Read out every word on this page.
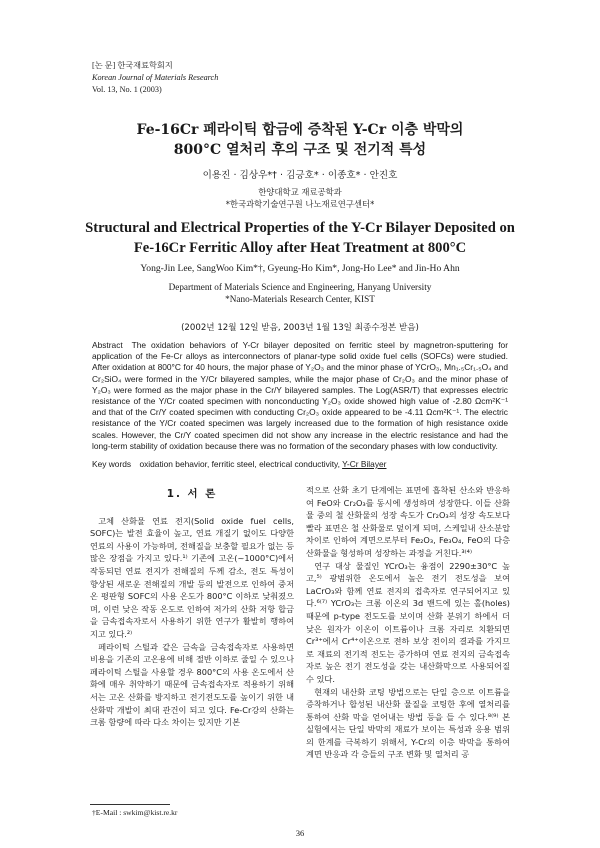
[논 문] 한국재료학회지
Korean Journal of Materials Research
Vol. 13, No. 1 (2003)
Fe-16Cr 페라이틱 합금에 증착된 Y-Cr 이층 박막의
800°C 열처리 후의 구조 및 전기적 특성
이용진 · 김상우*† · 김긍호* · 이종호* · 안진호
한양대학교 재료공학과
*한국과학기술연구원 나노재료연구센터*
Structural and Electrical Properties of the Y-Cr Bilayer Deposited on
Fe-16Cr Ferritic Alloy after Heat Treatment at 800°C
Yong-Jin Lee, SangWoo Kim*†, Gyeung-Ho Kim*, Jong-Ho Lee* and Jin-Ho Ahn
Department of Materials Science and Engineering, Hanyang University
*Nano-Materials Research Center, KIST
(2002년 12월 12일 받음, 2003년 1월 13일 최종수정본 받음)
Abstract The oxidation behaviors of Y-Cr bilayer deposited on ferritic steel by magnetron-sputtering for application of the Fe-Cr alloys as interconnectors of planar-type solid oxide fuel cells (SOFCs) were studied. After oxidation at 800°C for 40 hours, the major phase of Y₂O₃ and the minor phase of YCrO₃, Mn₁.₅Cr₁.₅O₄ and Cr₂SiO₄ were formed in the Y/Cr bilayered samples, while the major phase of Cr₂O₃ and the minor phase of Y₂O₃ were formed as the major phase in the Cr/Y bilayered samples. The Log(ASR/T) that expresses electric resistance of the Y/Cr coated specimen with nonconducting Y₂O₃ oxide showed high value of -2.80 Ωcm²K⁻¹ and that of the Cr/Y coated specimen with conducting Cr₂O₃ oxide appeared to be -4.11 Ωcm²K⁻¹. The electric resistance of the Y/Cr coated specimen was largely increased due to the formation of high resistance oxide scales. However, the Cr/Y coated specimen did not show any increase in the electric resistance and had the long-term stability of oxidation because there was no formation of the secondary phases with low conductivity.
Key words oxidation behavior, ferritic steel, electrical conductivity, Y-Cr Bilayer
1. 서 론

고체 산화물 연료 전지(Solid oxide fuel cells, SOFC)는 발전 효율이 높고, 연료 개질기 없이도 다양한 연료의 사용이 가능하며, 전해질을 보충할 필요가 없는 등 많은 장점을 가지고 있다.¹⁾ 기존에 고온(~1000°C)에서 작동되던 연료 전지가 전해질의 두께 감소, 전도 특성이 향상된 새로운 전해질의 개발 등의 발전으로 인하여 중저온 평판형 SOFC의 사용 온도가 800°C 이하로 낮춰졌으며, 이런 낮은 작동 온도로 인하여 저가의 산화 저항 합금을 금속접속자로서 사용하기 위한 연구가 활발히 행하여지고 있다.²⁾

페라이틱 스틸과 같은 금속을 금속접속자로 사용하면 비용을 기존의 고온용에 비해 절반 이하로 줄일 수 있으나 페라이틱 스틸을 사용할 경우 800°C의 사용 온도에서 산화에 매우 취약하기 때문에 금속접속자로 적용하기 위해서는 고온 산화를 방지하고 전기전도도를 높이기 위한 내산화막 개발이 최대 관건이 되고 있다. Fe-Cr강의 산화는 크롬 함량에 따라 다소 차이는 있지만 기본

적으로 산화 초기 단계에는 표면에 흡착된 산소와 반응하여 FeO와 Cr₂O₃를 동시에 생성하며 성장한다. 이들 산화물 중의 철 산화물의 성장 속도가 Cr₂O₃의 성장 속도보다 빨라 표면은 철 산화물로 덮이게 되며, 스케일내 산소분압 차이로 인하여 계면으로부터 Fe₂O₃, Fe₃O₄, FeO의 다층 산화물을 형성하며 성장하는 과정을 거친다.³⁽⁴⁾

연구 대상 물질인 YCrO₃는 융점이 2290±30°C 높고,⁵⁾ 광범위한 온도에서 높은 전기 전도성을 보여 LaCrO₃와 함께 연료 전지의 접촉자로 연구되어지고 있다.⁶⁽⁷⁾ YCrO₃는 크롬 이온의 3d 밴드에 있는 홀(holes) 때문에 p-type 전도도를 보이며 산화 분위기 하에서 더 낮은 원자가 이온이 이트륨이나 크롬 자리로 치환되면 Cr³⁺에서 Cr⁴⁺이온으로 전하 보상 전이의 결과를 가지므로 재료의 전기적 전도는 증가하며 연료 전지의 금속접속자로 높은 전기 전도성을 갖는 내산화막으로 사용되어질 수 있다.

현재의 내산화 코팅 방법으로는 단일 층으로 이트륨을 증착하거나 합성된 내산화 물질을 코팅한 후에 열처리를 통하여 산화 막을 얻어내는 방법 등을 들 수 있다.⁸⁽⁹⁾ 본 실험에서는 단일 박막의 재료가 보이는 특성과 응용 범위의 한계를 극복하기 위해서, Y-Cr의 이층 박막을 통하여 계면 반응과 각 층들의 구조 변화 및 열처리 공

†E-Mail : swkim@kist.re.kr
36
